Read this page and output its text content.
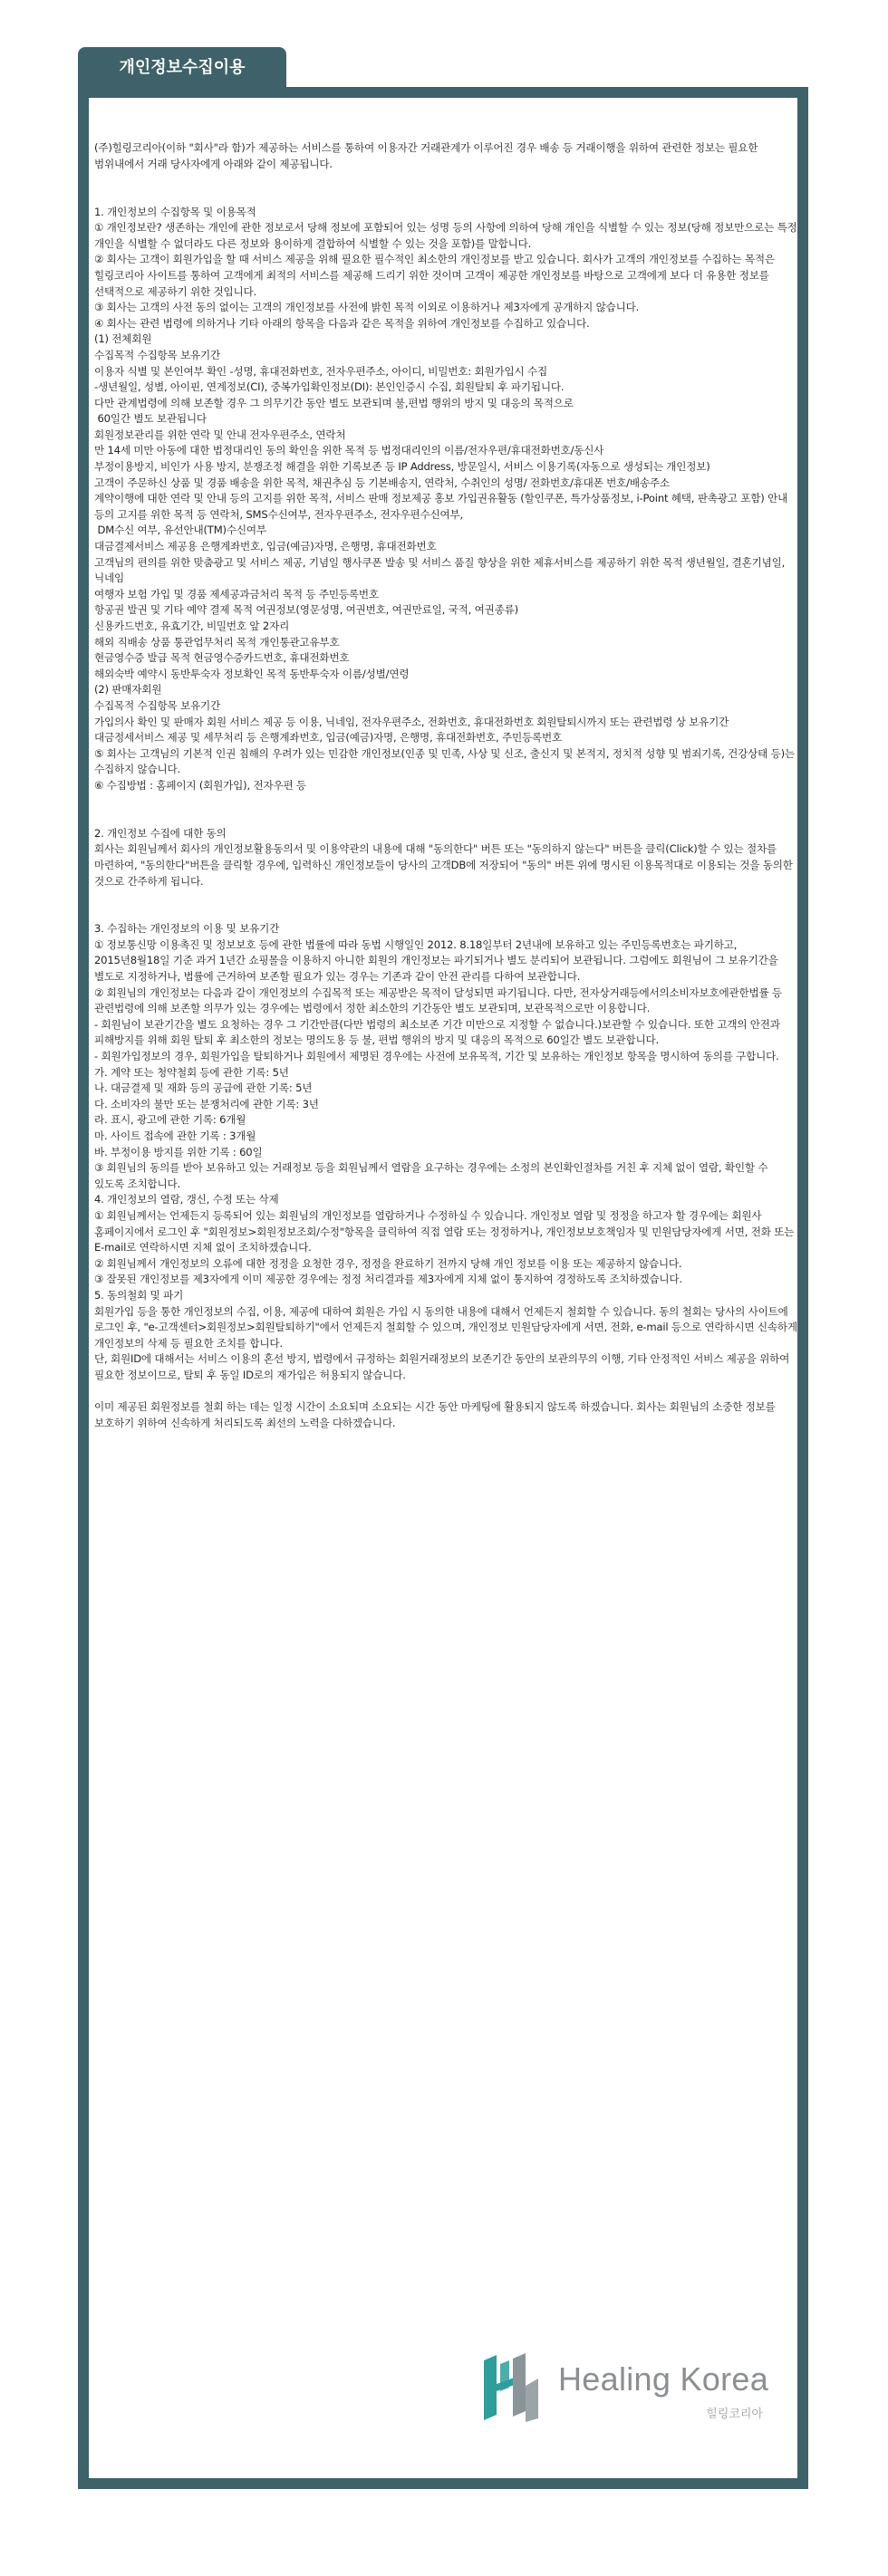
개인정보수집이용

(주)힐링코리아(이하 "회사"라 함)가 제공하는 서비스를 통하여 이용자간 거래관계가 이루어진 경우 배송 등 거래이행을 위하여 관련한 정보는 필요한 범위내에서 거래 당사자에게 아래와 같이 제공됩니다.

1. 개인정보의 수집항목 및 이용목적
① 개인정보란? 생존하는 개인에 관한 정보로서 당해 정보에 포함되어 있는 성명 등의 사항에 의하여 당해 개인을 식별할 수 있는 정보(당해 정보만으로는 특정 개인을 식별할 수 없더라도 다른 정보와 용이하게 결합하여 식별할 수 있는 것을 포함)를 말합니다.
② 회사는 고객이 회원가입을 할 때 서비스 제공을 위해 필요한 필수적인 최소한의 개인정보를 받고 있습니다. 회사가 고객의 개인정보를 수집하는 목적은 힐링코리아 사이트를 통하여 고객에게 최적의 서비스를 제공해 드리기 위한 것이며 고객이 제공한 개인정보를 바탕으로 고객에게 보다 더 유용한 정보를 선택적으로 제공하기 위한 것입니다.
③ 회사는 고객의 사전 동의 없이는 고객의 개인정보를 사전에 밝힌 목적 이외로 이용하거나 제3자에게 공개하지 않습니다.
④ 회사는 관련 법령에 의하거나 기타 아래의 항목을 다음과 같은 목적을 위하여 개인정보를 수집하고 있습니다.
(1) 전체회원
수집목적 수집항목 보유기간
이용자 식별 및 본인여부 확인 -성명, 휴대전화번호, 전자우편주소, 아이디, 비밀번호: 회원가입시 수집
-생년월일, 성별, 아이핀, 연계정보(CI), 중복가입확인정보(DI): 본인인증시 수집, 회원탈퇴 후 파기됩니다.
다만 관계법령에 의해 보존할 경우 그 의무기간 동안 별도 보관되며 불,편법 행위의 방지 및 대응의 목적으로
60일간 별도 보관됩니다
회원정보관리를 위한 연락 및 안내 전자우편주소, 연락처
만 14세 미만 아동에 대한 법정대리인 동의 확인을 위한 목적 등 법정대리인의 이름/전자우편/휴대전화번호/동신사
부정이용방지, 비인가 사용 방지, 분쟁조정 해결을 위한 기록보존 등 IP Address, 방문일시, 서비스 이용기록(자동으로 생성되는 개인정보)
고객이 주문하신 상품 및 경품 배송을 위한 목적, 채권추심 등 기본배송지, 연락처, 수취인의 성명/ 전화번호/휴대폰 번호/배송주소
계약이행에 대한 연락 및 안내 등의 고지를 위한 목적, 서비스 판매 정보제공 홍보 가입권유활동 (할인쿠폰, 특가상품정보, i-Point 혜택, 판촉광고 포함) 안내 등의 고지를 위한 목적 등 연락처, SMS수신여부, 전자우편주소, 전자우편수신여부,
DM수신 여부, 유선안내(TM)수신여부
대금결제서비스 제공용 은행계좌번호, 입금(예금)자명, 은행명, 휴대전화번호
고객님의 편의를 위한 맞춤광고 및 서비스 제공, 기념일 행사쿠폰 발송 및 서비스 품질 향상을 위한 제휴서비스를 제공하기 위한 목적 생년월일, 결혼기념일, 닉네임
여행자 보험 가입 및 경품 제세공과금처리 목적 등 주민등록번호
항공권 발권 및 기타 예약 결제 목적 여권정보(영문성명, 여권번호, 여권만료일, 국적, 여권종류)
신용카드번호, 유효기간, 비밀번호 앞 2자리
해외 직배송 상품 통관업무처리 목적 개인통관고유부호
현금영수증 발급 목적 현금영수증카드번호, 휴대전화번호
해외숙박 예약시 동반투숙자 정보확인 목적 동반투숙자 이름/성별/연령
(2) 판매자회원
수집목적 수집항목 보유기간
가입의사 확인 및 판매자 회원 서비스 제공 등 이용, 닉네임, 전자우편주소, 전화번호, 휴대전화번호 회원탈퇴시까지 또는 관련법령 상 보유기간
대금정세서비스 제공 및 세무처리 등 은행계좌번호, 입금(예금)자명, 은행명, 휴대전화번호, 주민등록번호
⑤ 회사는 고객님의 기본적 인권 침해의 우려가 있는 민감한 개인정보(인종 및 민족, 사상 및 신조, 출신지 및 본적지, 정치적 성향 및 범죄기록, 건강상태 등)는 수집하지 않습니다.
⑥ 수집방법 : 홈페이지 (회원가입), 전자우편 등

2. 개인정보 수집에 대한 동의
회사는 회원님께서 회사의 개인정보활용동의서 및 이용약관의 내용에 대해 "동의한다" 버튼 또는 "동의하지 않는다" 버튼을 클릭(Click)할 수 있는 절차를 마련하여, "동의한다"버튼을 클릭할 경우에, 입력하신 개인정보들이 당사의 고객DB에 저장되어 "동의" 버튼 위에 명시된 이용목적대로 이용되는 것을 동의한 것으로 간주하게 됩니다.

3. 수집하는 개인정보의 이용 및 보유기간
① 정보통신망 이용촉진 및 정보보호 등에 관한 법률에 따라 동법 시행일인 2012. 8.18일부터 2년내에 보유하고 있는 주민등록번호는 파기하고, 2015년8월18일 기준 과거 1년간 쇼핑몰을 이용하지 아니한 회원의 개인정보는 파기되거나 별도 분리되어 보관됩니다. 그럼에도 회원님이 그 보유기간을 별도로 지정하거나, 법률에 근거하여 보존할 필요가 있는 경우는 기존과 같이 안전 관리를 다하여 보관합니다.
② 회원님의 개인정보는 다음과 같이 개인정보의 수집목적 또는 제공받은 목적이 달성되면 파기됩니다. 다만, 전자상거래등에서의소비자보호에관한법률 등 관련법령에 의해 보존할 의무가 있는 경우에는 법령에서 정한 최소한의 기간동안 별도 보관되며, 보관목적으로만 이용합니다.
- 회원님이 보관기간을 별도 요청하는 경우 그 기간만큼(다만 법령의 최소보존 기간 미만으로 지정할 수 없습니다.)보관할 수 있습니다. 또한 고객의 안전과 피해방지를 위해 회원 탈퇴 후 최소한의 정보는 명의도용 등 불, 편법 행위의 방지 및 대응의 목적으로 60일간 별도 보관합니다.
- 회원가입정보의 경우, 회원가입을 탈퇴하거나 회원에서 제명된 경우에는 사전에 보유목적, 기간 및 보유하는 개인정보 항목을 명시하여 동의를 구합니다.
가. 계약 또는 청약철회 등에 관한 기록: 5년
나. 대금결제 및 재화 등의 공급에 관한 기록: 5년
다. 소비자의 불만 또는 분쟁처리에 관한 기록: 3년
라. 표시, 광고에 관한 기록: 6개월
마. 사이트 접속에 관한 기록 : 3개월
바. 부정이용 방지를 위한 기록 : 60일
③ 회원님의 동의를 받아 보유하고 있는 거래정보 등을 회원님께서 열람을 요구하는 경우에는 소정의 본인확인절차를 거친 후 지체 없이 열람, 확인할 수 있도록 조치합니다.
4. 개인정보의 열람, 갱신, 수정 또는 삭제
① 회원님께서는 언제든지 등록되어 있는 회원님의 개인정보를 열람하거나 수정하실 수 있습니다. 개인정보 열람 및 정정을 하고자 할 경우에는 회원사 홈페이지에서 로그인 후 "회원정보>회원정보조회/수정"항목을 클릭하여 직접 열람 또는 정정하거나, 개인정보보호책임자 및 민원담당자에게 서면, 전화 또는 E-mail로 연락하시면 지체 없이 조치하겠습니다.
② 회원님께서 개인정보의 오류에 대한 정정을 요청한 경우, 정정을 완료하기 전까지 당해 개인 정보를 이용 또는 제공하지 않습니다.
③ 잘못된 개인정보를 제3자에게 이미 제공한 경우에는 정정 처리결과를 제3자에게 지체 없이 통지하여 경정하도록 조치하겠습니다.
5. 동의철회 및 파기
회원가입 등을 통한 개인정보의 수집, 이용, 제공에 대하여 회원은 가입 시 동의한 내용에 대해서 언제든지 철회할 수 있습니다. 동의 철회는 당사의 사이트에 로그인 후, "e-고객센터>회원정보>회원탈퇴하기"에서 언제든지 철회할 수 있으며, 개인정보 민원담당자에게 서면, 전화, e-mail 등으로 연락하시면 신속하게 개인정보의 삭제 등 필요한 조치를 합니다.
단, 회원ID에 대해서는 서비스 이용의 혼선 방지, 법령에서 규정하는 회원거래정보의 보존기간 동안의 보관의무의 이행, 기타 안정적인 서비스 제공을 위하여 필요한 정보이므로, 탈퇴 후 동일 ID로의 재가입은 허용되지 않습니다.

이미 제공된 회원정보를 철회 하는 데는 일정 시간이 소요되며 소요되는 시간 동안 마케팅에 활용되지 않도록 하겠습니다. 회사는 회원님의 소중한 정보를 보호하기 위하여 신속하게 처리되도록 최선의 노력을 다하겠습니다.

Healing Korea
힐링코리아
